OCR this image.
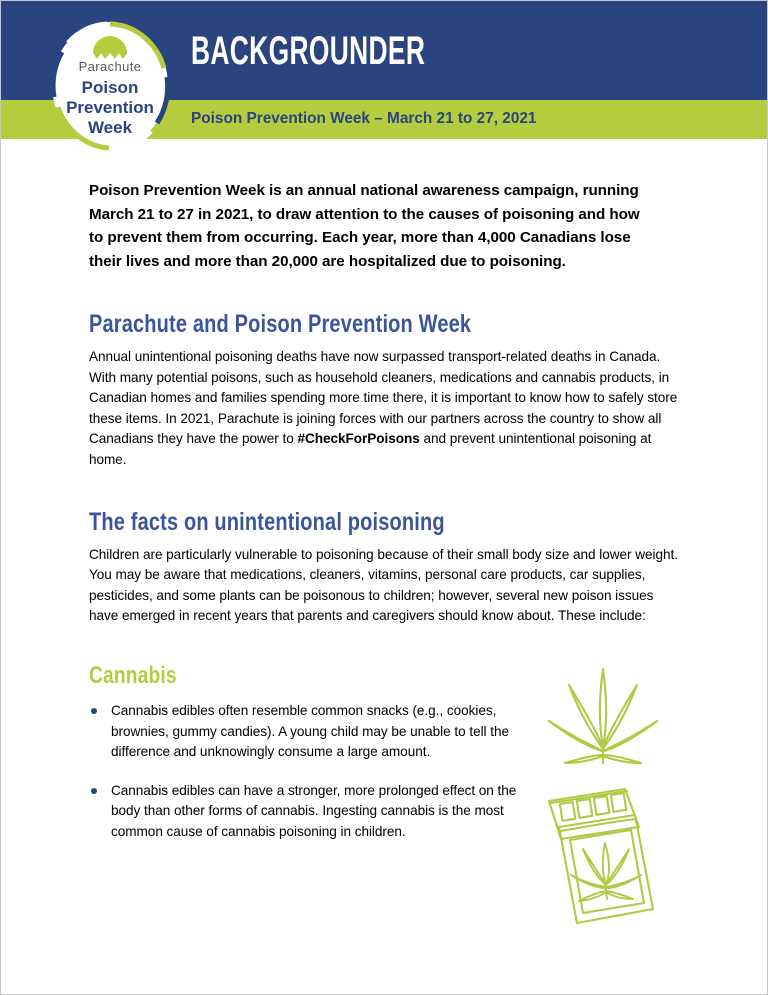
BACKGROUNDER
Poison Prevention Week – March 21 to 27, 2021
Parachute
Poison
Prevention
Week

Poison Prevention Week is an annual national awareness campaign, running March 21 to 27 in 2021, to draw attention to the causes of poisoning and how to prevent them from occurring. Each year, more than 4,000 Canadians lose their lives and more than 20,000 are hospitalized due to poisoning.

Parachute and Poison Prevention Week

Annual unintentional poisoning deaths have now surpassed transport-related deaths in Canada. With many potential poisons, such as household cleaners, medications and cannabis products, in Canadian homes and families spending more time there, it is important to know how to safely store these items. In 2021, Parachute is joining forces with our partners across the country to show all Canadians they have the power to #CheckForPoisons and prevent unintentional poisoning at home.

The facts on unintentional poisoning

Children are particularly vulnerable to poisoning because of their small body size and lower weight. You may be aware that medications, cleaners, vitamins, personal care products, car supplies, pesticides, and some plants can be poisonous to children; however, several new poison issues have emerged in recent years that parents and caregivers should know about. These include:

Cannabis
Cannabis edibles often resemble common snacks (e.g., cookies, brownies, gummy candies). A young child may be unable to tell the difference and unknowingly consume a large amount.
Cannabis edibles can have a stronger, more prolonged effect on the body than other forms of cannabis. Ingesting cannabis is the most common cause of cannabis poisoning in children.
